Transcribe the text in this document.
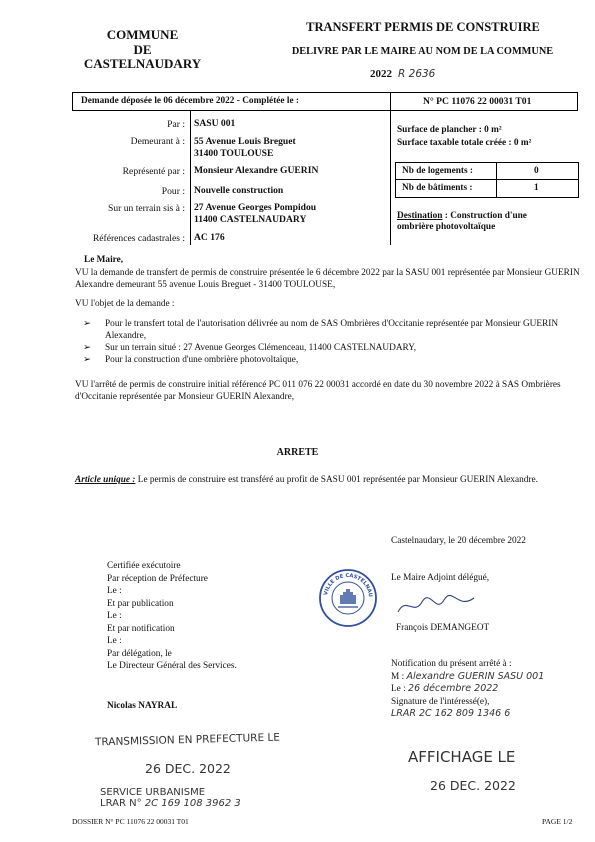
COMMUNE
DE
CASTELNAUDARY
TRANSFERT PERMIS DE CONSTRUIRE
DELIVRE PAR LE MAIRE AU NOM DE LA COMMUNE
2022 R 2636
Demande déposée le 06 décembre 2022 - Complétée le :	N° PC 11076 22 00031 T01
Par : SASU 001
Demeurant à : 55 Avenue Louis Breguet
31400 TOULOUSE
Représenté par : Monsieur Alexandre GUERIN
Pour : Nouvelle construction
Sur un terrain sis à : 27 Avenue Georges Pompidou
11400 CASTELNAUDARY
Références cadastrales : AC 176
Surface de plancher : 0 m²
Surface taxable totale créée : 0 m²
Nb de logements :	0
Nb de bâtiments :	1
Destination : Construction d'une
ombrière photovoltaïque
Le Maire,
VU la demande de transfert de permis de construire présentée le 6 décembre 2022 par la SASU 001 représentée par Monsieur GUERIN Alexandre demeurant 55 avenue Louis Breguet - 31400 TOULOUSE,
VU l'objet de la demande :
➢	Pour le transfert total de l'autorisation délivrée au nom de SAS Ombrières d'Occitanie représentée par Monsieur GUERIN Alexandre,
➢	Sur un terrain situé : 27 Avenue Georges Clémenceau, 11400 CASTELNAUDARY,
➢	Pour la construction d'une ombrière photovoltaïque,
VU l'arrêté de permis de construire initial référencé PC 011 076 22 00031 accordé en date du 30 novembre 2022 à SAS Ombrières d'Occitanie représentée par Monsieur GUERIN Alexandre,
ARRETE
Article unique : Le permis de construire est transféré au profit de SASU 001 représentée par Monsieur GUERIN Alexandre.
Castelnaudary, le 20 décembre 2022
Certifiée exécutoire
Par réception de Préfecture
Le :
Et par publication
Le :
Et par notification
Le :
Par délégation, le
Le Directeur Général des Services.
VILLE DE CASTELNAU
Le Maire Adjoint délégué,
François DEMANGEOT
Notification du présent arrêté à :
M : Alexandre GUERIN SASU 001
Le : 26 décembre 2022
Signature de l'intéressé(e),
LRAR 2C 162 809 1346 6
Nicolas NAYRAL
TRANSMISSION EN PREFECTURE LE
26 DEC. 2022
SERVICE URBANISME
LRAR N° 2C 169 108 3962 3
AFFICHAGE LE
26 DEC. 2022
DOSSIER N° PC 11076 22 00031 T01	PAGE 1/2
